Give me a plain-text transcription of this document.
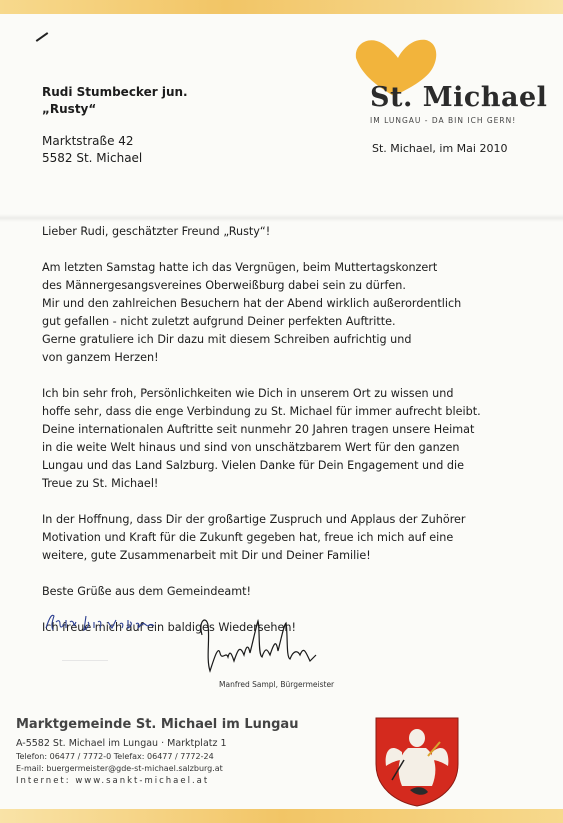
Rudi Stumbecker jun.
„Rusty“
Marktstraße 42
5582 St. Michael
St. Michael
IM LUNGAU - DA BIN ICH GERN!
St. Michael, im Mai 2010

Lieber Rudi, geschätzter Freund „Rusty“!

Am letzten Samstag hatte ich das Vergnügen, beim Muttertagskonzert

des Männergesangsvereines Oberweißburg dabei sein zu dürfen.

Mir und den zahlreichen Besuchern hat der Abend wirklich außerordentlich

gut gefallen - nicht zuletzt aufgrund Deiner perfekten Auftritte.

Gerne gratuliere ich Dir dazu mit diesem Schreiben aufrichtig und

von ganzem Herzen!

Ich bin sehr froh, Persönlichkeiten wie Dich in unserem Ort zu wissen und

hoffe sehr, dass die enge Verbindung zu St. Michael für immer aufrecht bleibt.

Deine internationalen Auftritte seit nunmehr 20 Jahren tragen unsere Heimat

in die weite Welt hinaus und sind von unschätzbarem Wert für den ganzen

Lungau und das Land Salzburg. Vielen Danke für Dein Engagement und die

Treue zu St. Michael!

In der Hoffnung, dass Dir der großartige Zuspruch und Applaus der Zuhörer

Motivation und Kraft für die Zukunft gegeben hat, freue ich mich auf eine

weitere, gute Zusammenarbeit mit Dir und Deiner Familie!

Beste Grüße aus dem Gemeindeamt!

Ich freue mich auf ein baldiges Wiedersehen!

Manfred Sampl, Bürgermeister
Marktgemeinde St. Michael im Lungau
A-5582 St. Michael im Lungau · Marktplatz 1
Telefon: 06477 / 7772-0 Telefax: 06477 / 7772-24
E-mail: buergermeister@gde-st-michael.salzburg.at
Internet: www.sankt-michael.at
